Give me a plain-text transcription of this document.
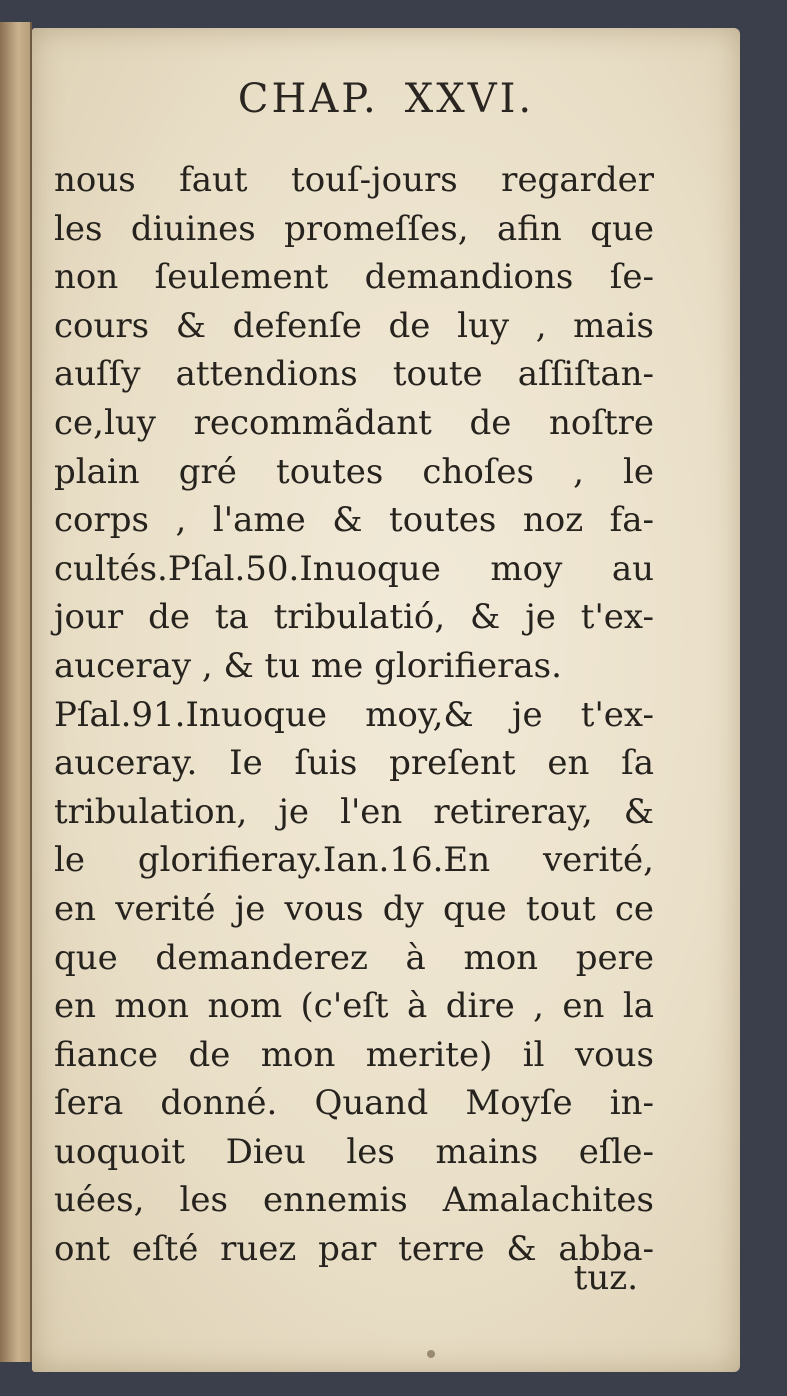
CHAP. XXVI.
nous faut touſ-jours regarder
les diuines promeſſes, afin que
non ſeulement demandions ſe-
cours & defenſe de luy , mais
auſſy attendions toute aſſiſtan-
ce,luy recommãdant de noſtre
plain gré toutes choſes , le
corps , l'ame & toutes noz fa-
cultés.Pſal.50.Inuoque moy au
jour de ta tribulatió, & je t'ex-
auceray , & tu me glorifieras.
Pſal.91.Inuoque moy,& je t'ex-
auceray. Ie ſuis preſent en ſa
tribulation, je l'en retireray, &
le glorifieray.Ian.16.En verité,
en verité je vous dy que tout ce
que demanderez à mon pere
en mon nom (c'eſt à dire , en la
fiance de mon merite) il vous
ſera donné. Quand Moyſe in-
uoquoit Dieu les mains eſle-
uées, les ennemis Amalachites
ont eſté ruez par terre & abba-
tuz.
